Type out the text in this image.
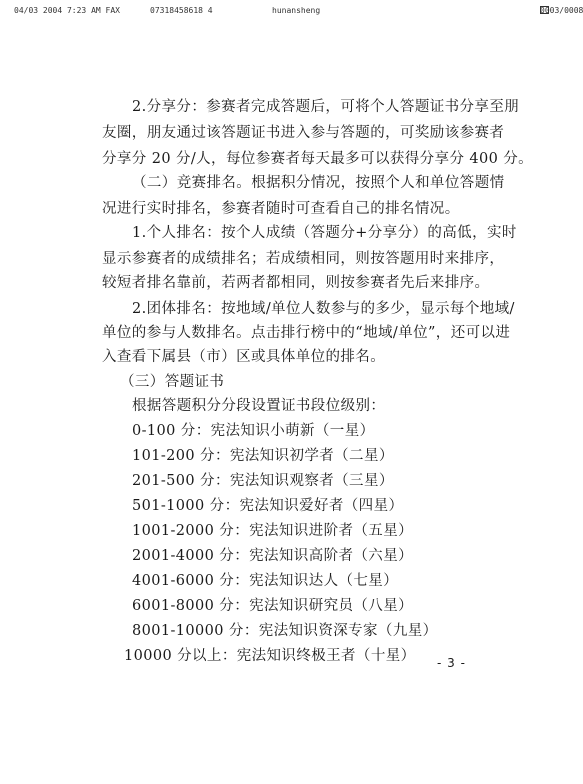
04/03 2004 7:23 AM FAX	07318458618 4	hunansheng	0003/0008
2.分享分：参赛者完成答题后，可将个人答题证书分享至朋
友圈，朋友通过该答题证书进入参与答题的，可奖励该参赛者
分享分 20 分/人，每位参赛者每天最多可以获得分享分 400 分。
（二）竞赛排名。根据积分情况，按照个人和单位答题情
况进行实时排名，参赛者随时可查看自己的排名情况。
1.个人排名：按个人成绩（答题分+分享分）的高低，实时
显示参赛者的成绩排名；若成绩相同，则按答题用时来排序，
较短者排名靠前，若两者都相同，则按参赛者先后来排序。
2.团体排名：按地域/单位人数参与的多少，显示每个地域/
单位的参与人数排名。点击排行榜中的“地域/单位”，还可以进
入查看下属县（市）区或具体单位的排名。
（三）答题证书
根据答题积分分段设置证书段位级别：
0-100 分：宪法知识小萌新（一星）
101-200 分：宪法知识初学者（二星）
201-500 分：宪法知识观察者（三星）
501-1000 分：宪法知识爱好者（四星）
1001-2000 分：宪法知识进阶者（五星）
2001-4000 分：宪法知识高阶者（六星）
4001-6000 分：宪法知识达人（七星）
6001-8000 分：宪法知识研究员（八星）
8001-10000 分：宪法知识资深专家（九星）
10000 分以上：宪法知识终极王者（十星） - 3 -
